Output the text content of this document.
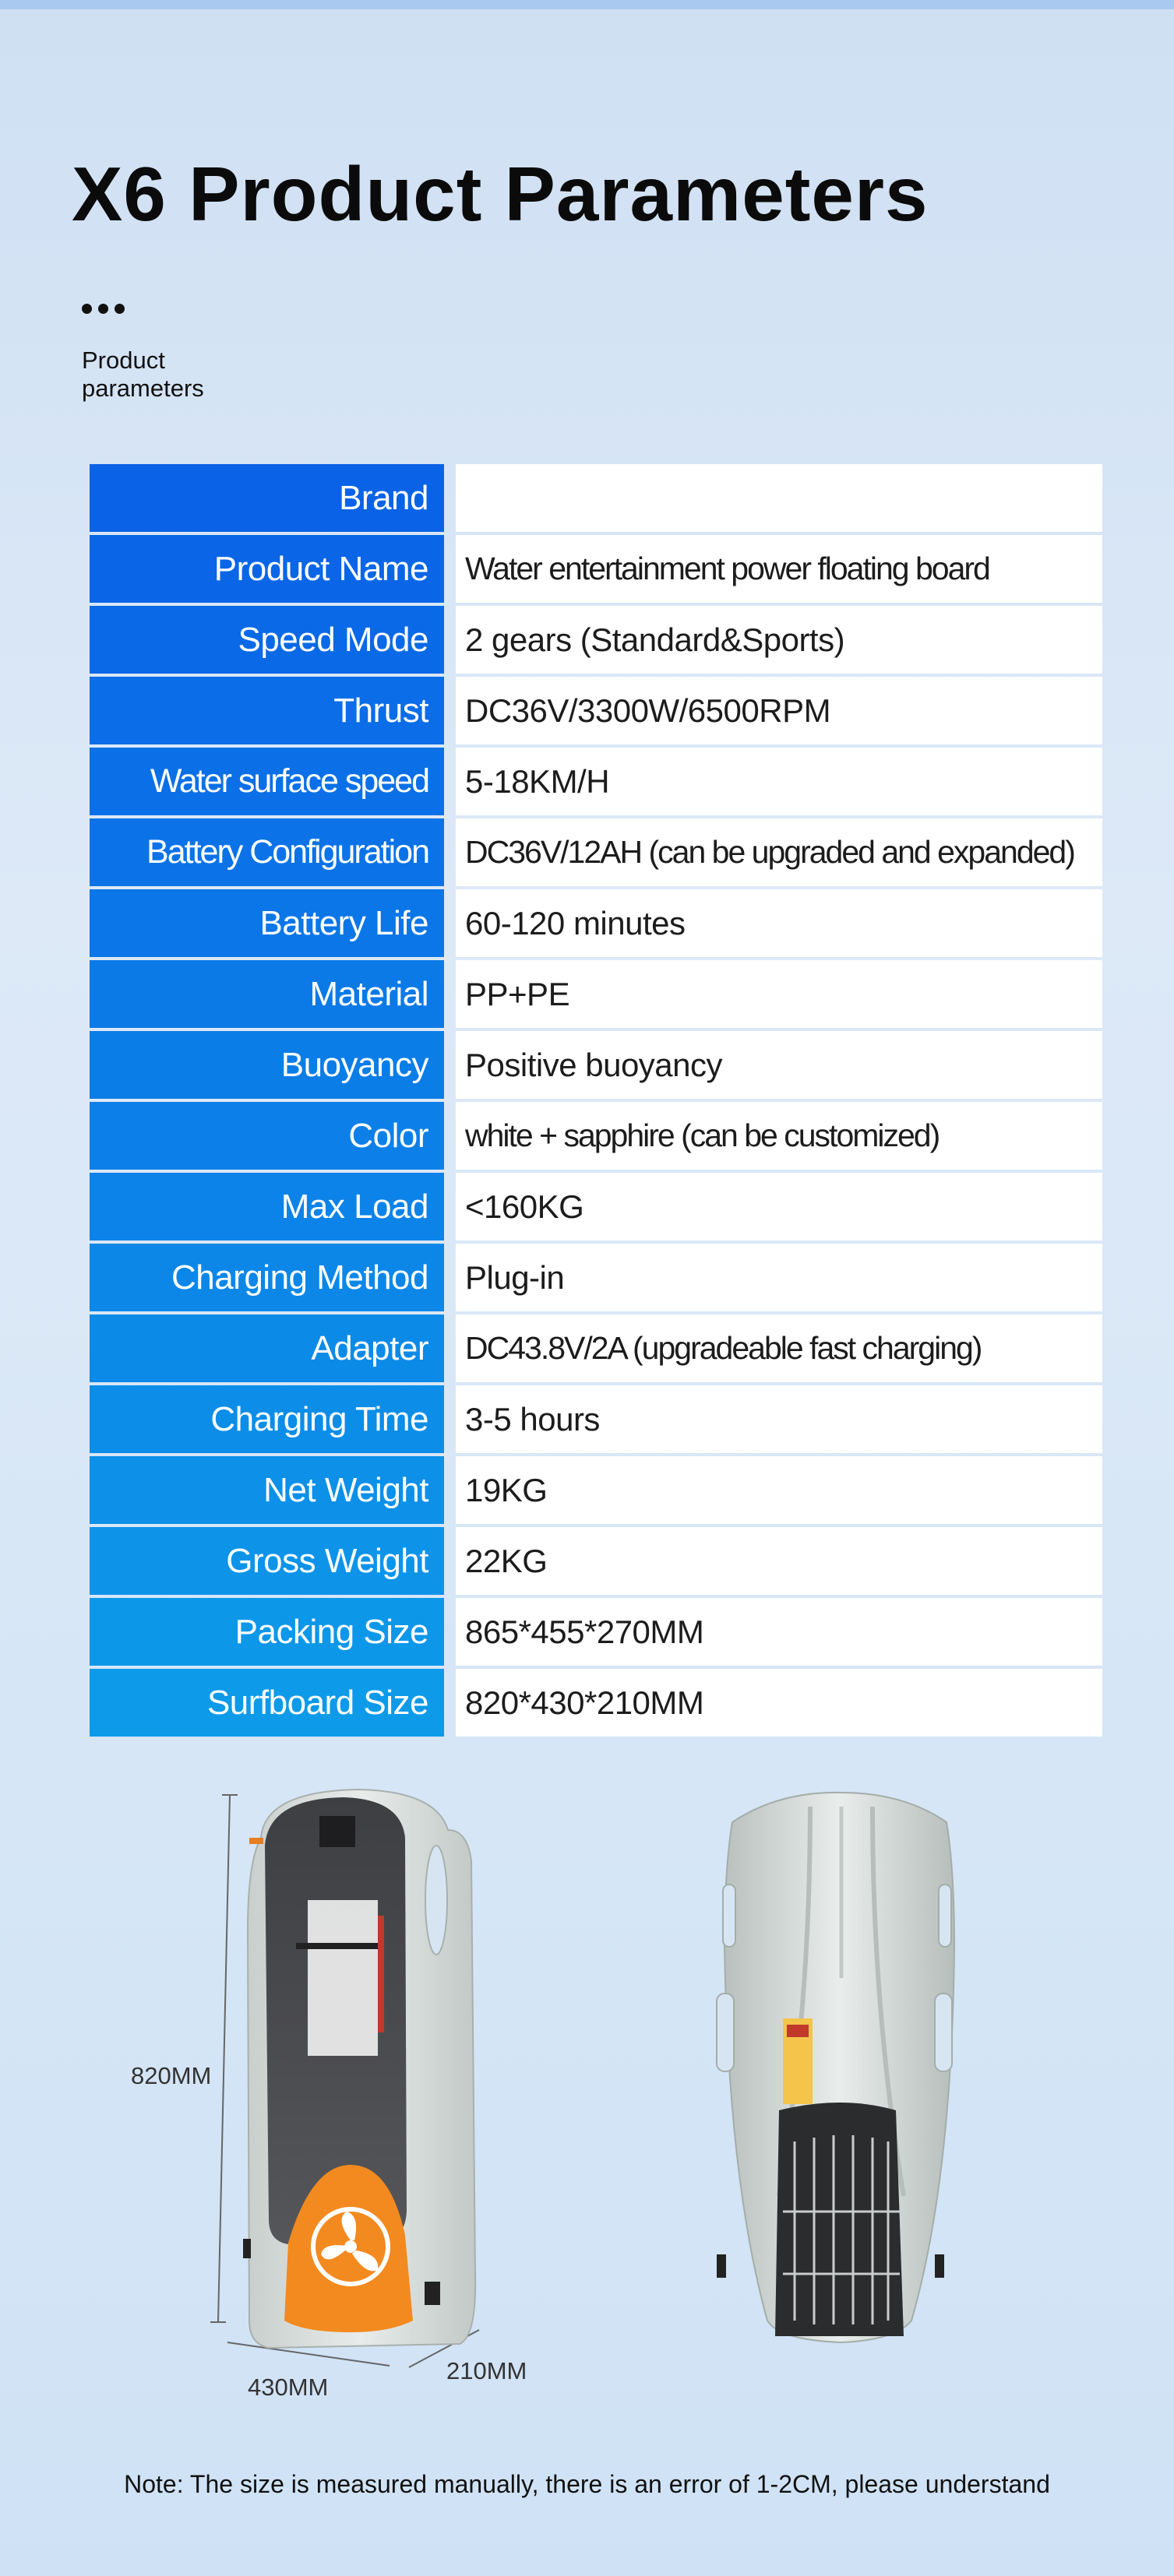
X6 Product Parameters
Product parameters
Brand
Product Name	Water entertainment power floating board
Speed Mode	2 gears (Standard&Sports)
Thrust	DC36V/3300W/6500RPM
Water surface speed	5-18KM/H
Battery Configuration	DC36V/12AH (can be upgraded and expanded)
Battery Life	60-120 minutes
Material	PP+PE
Buoyancy	Positive buoyancy
Color	white + sapphire (can be customized)
Max Load	<160KG
Charging Method	Plug-in
Adapter	DC43.8V/2A (upgradeable fast charging)
Charging Time	3-5 hours
Net Weight	19KG
Gross Weight	22KG
Packing Size	865*455*270MM
Surfboard Size	820*430*210MM
820MM
430MM
210MM
Note: The size is measured manually, there is an error of 1-2CM, please understand
